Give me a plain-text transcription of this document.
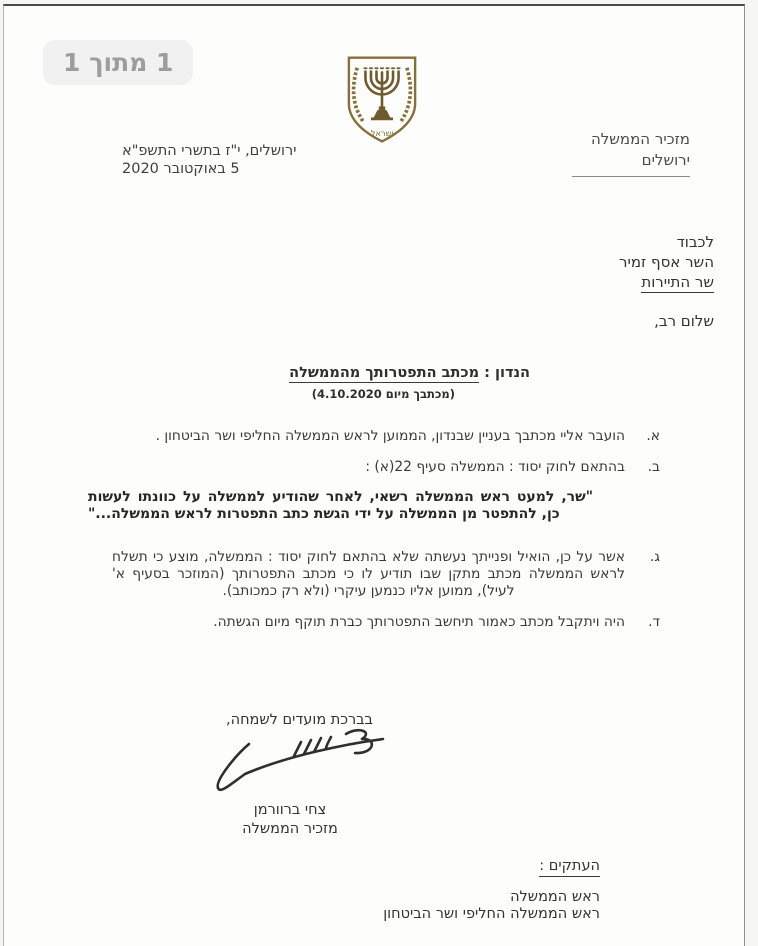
1 מתוך 1
ישראל	מזכיר הממשלה
ירושלים
ירושלים, י"ז בתשרי התשפ"א
5 באוקטובר 2020
לכבוד
השר אסף זמיר
שר התיירות
שלום רב,
הנדון : מכתב התפטרותך מהממשלה
(מכתבך מיום 4.10.2020)
א.
הועבר אליי מכתבך בעניין שבנדון, הממוען לראש הממשלה החליפי ושר הביטחון .
ב.
בהתאם לחוק יסוד : הממשלה סעיף 22(א) :
"שר, למעט ראש הממשלה רשאי, לאחר שהודיע לממשלה על כוונתו לעשות כן, להתפטר מן הממשלה על ידי הגשת כתב התפטרות לראש הממשלה..."
ג.
אשר על כן, הואיל ופנייתך נעשתה שלא בהתאם לחוק יסוד : הממשלה, מוצע כי תשלח לראש הממשלה מכתב מתקן שבו תודיע לו כי מכתב התפטרותך (המוזכר בסעיף א' לעיל), ממוען אליו כנמען עיקרי (ולא רק כמכותב).
ד.
היה ויתקבל מכתב כאמור תיחשב התפטרותך כברת תוקף מיום הגשתה.
בברכת מועדים לשמחה,
צחי ברוורמן
מזכיר הממשלה
העתקים :
ראש הממשלה
ראש הממשלה החליפי ושר הביטחון
